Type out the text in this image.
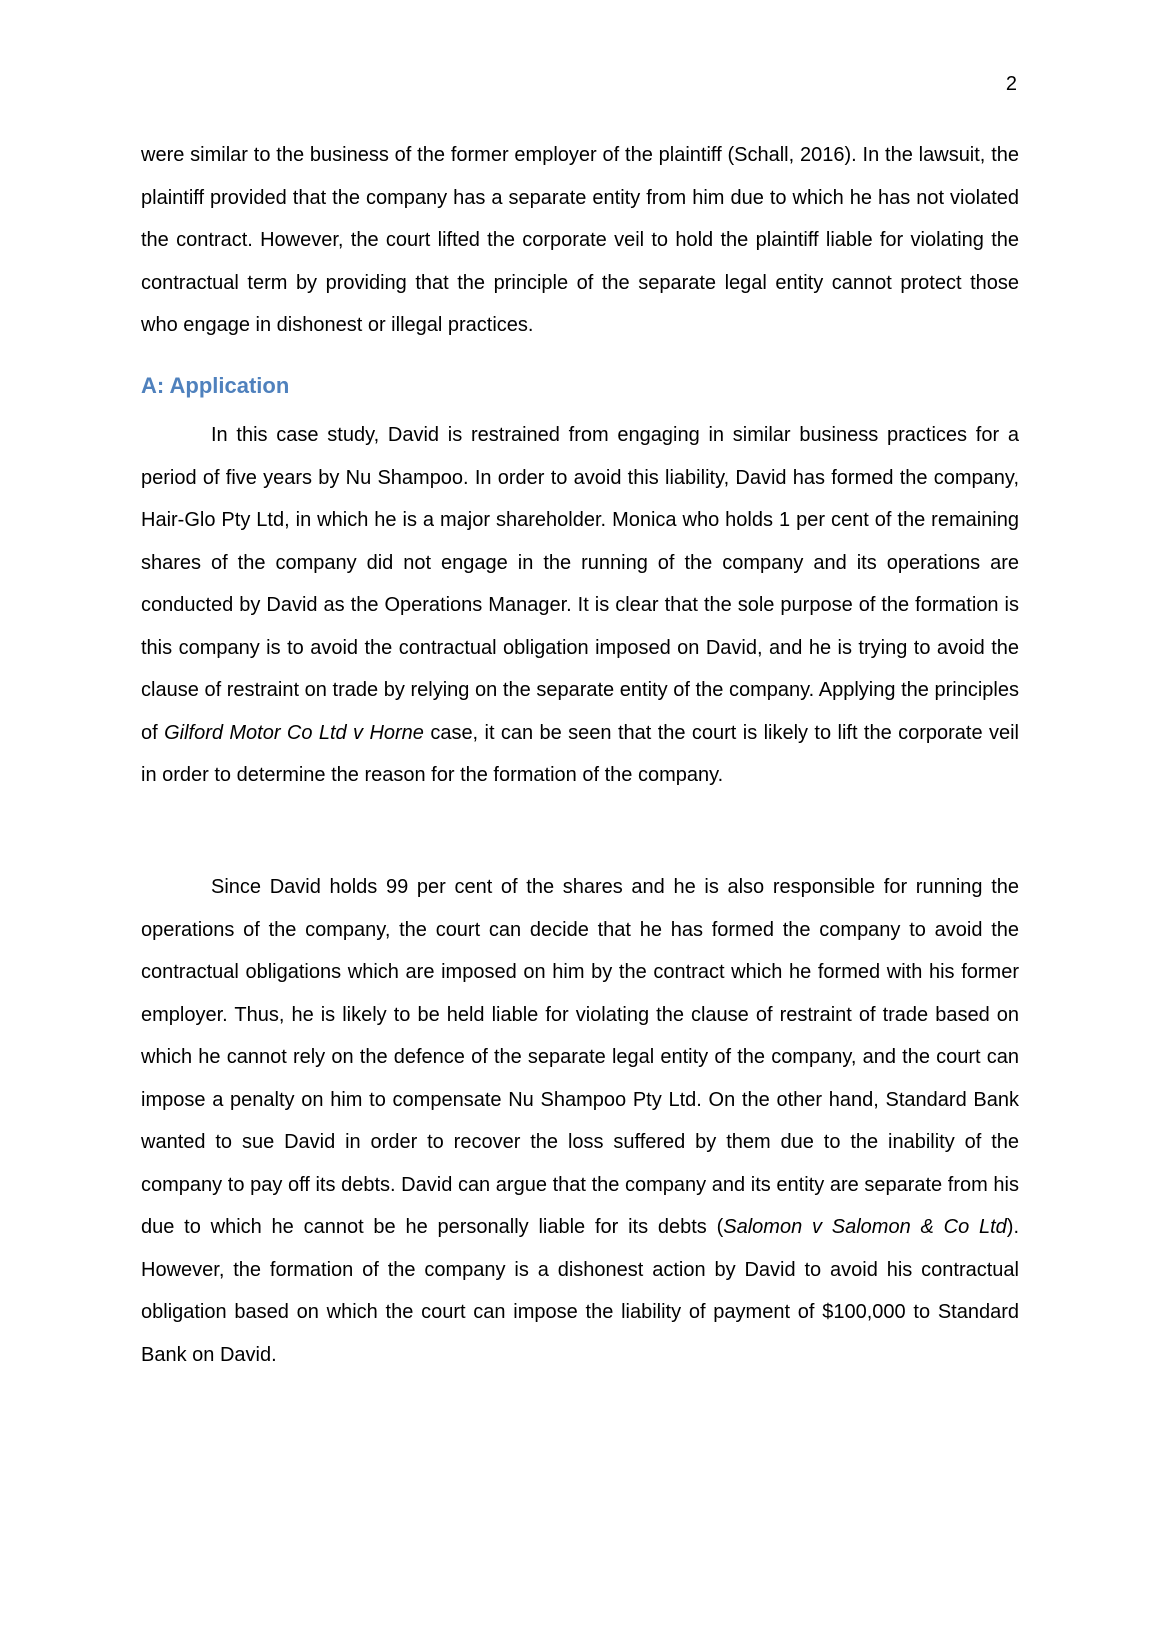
2

were similar to the business of the former employer of the plaintiff (Schall, 2016). In the lawsuit, the plaintiff provided that the company has a separate entity from him due to which he has not violated the contract. However, the court lifted the corporate veil to hold the plaintiff liable for violating the contractual term by providing that the principle of the separate legal entity cannot protect those who engage in dishonest or illegal practices.

A: Application

In this case study, David is restrained from engaging in similar business practices for a period of five years by Nu Shampoo. In order to avoid this liability, David has formed the company, Hair-Glo Pty Ltd, in which he is a major shareholder. Monica who holds 1 per cent of the remaining shares of the company did not engage in the running of the company and its operations are conducted by David as the Operations Manager. It is clear that the sole purpose of the formation is this company is to avoid the contractual obligation imposed on David, and he is trying to avoid the clause of restraint on trade by relying on the separate entity of the company. Applying the principles of Gilford Motor Co Ltd v Horne case, it can be seen that the court is likely to lift the corporate veil in order to determine the reason for the formation of the company.

Since David holds 99 per cent of the shares and he is also responsible for running the operations of the company, the court can decide that he has formed the company to avoid the contractual obligations which are imposed on him by the contract which he formed with his former employer. Thus, he is likely to be held liable for violating the clause of restraint of trade based on which he cannot rely on the defence of the separate legal entity of the company, and the court can impose a penalty on him to compensate Nu Shampoo Pty Ltd. On the other hand, Standard Bank wanted to sue David in order to recover the loss suffered by them due to the inability of the company to pay off its debts. David can argue that the company and its entity are separate from his due to which he cannot be he personally liable for its debts (Salomon v Salomon & Co Ltd). However, the formation of the company is a dishonest action by David to avoid his contractual obligation based on which the court can impose the liability of payment of $100,000 to Standard Bank on David.
